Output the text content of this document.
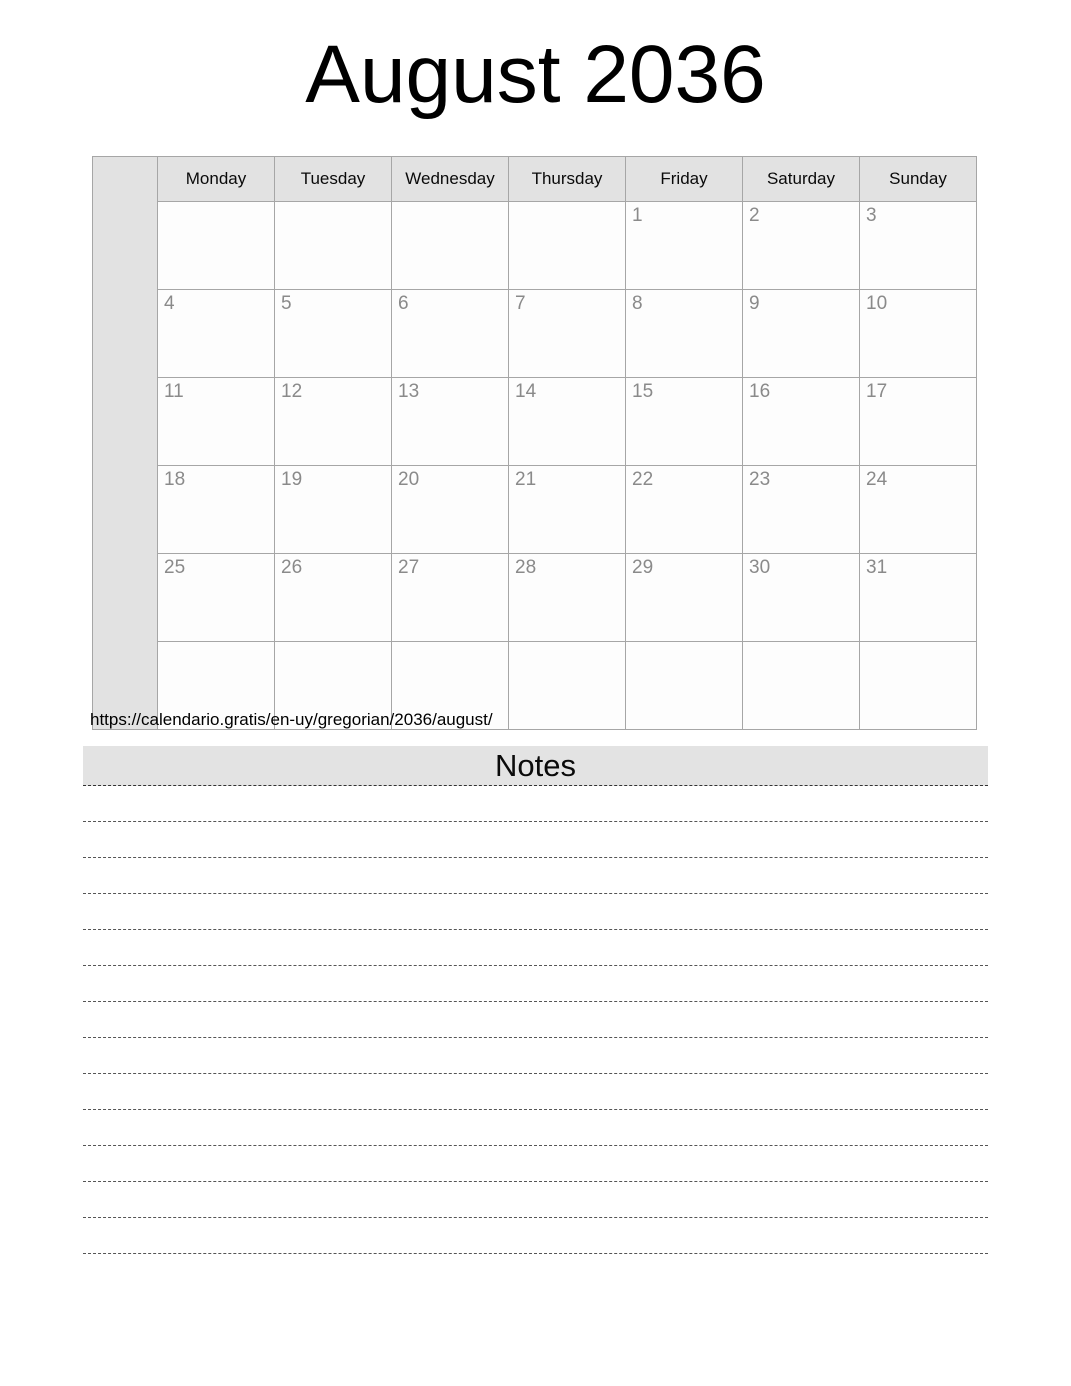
August 2036
	Monday	Tuesday	Wednesday	Thursday	Friday	Saturday	Sunday
					1	2	3
	4	5	6	7	8	9	10
	11	12	13	14	15	16	17
	18	19	20	21	22	23	24
	25	26	27	28	29	30	31

https://calendario.gratis/en-uy/gregorian/2036/august/
Notes
